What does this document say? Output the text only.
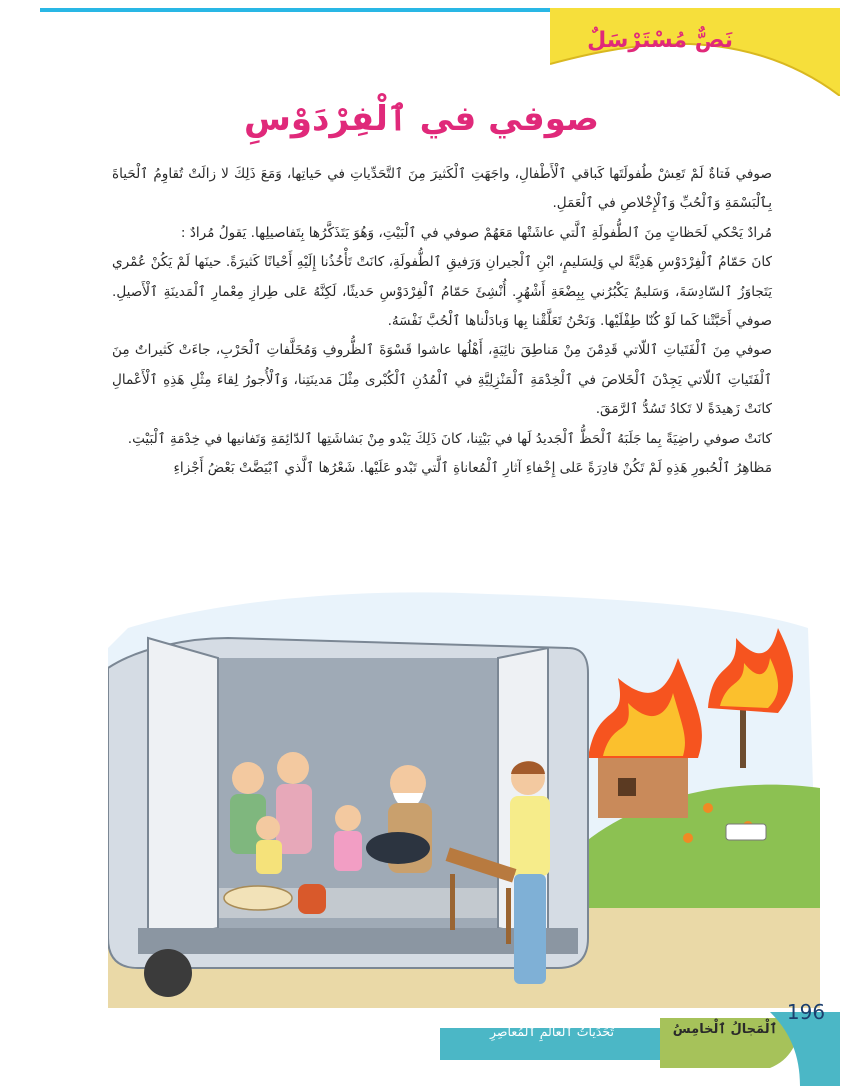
نَصٌّ مُسْتَرْسَلٌ
صوفي في ٱلْفِرْدَوْسِ

صوفي فَتاةٌ لَمْ تَعِشْ طُفولَتَها كَباقي ٱلْأَطْفالِ، واجَهَتِ ٱلْكَثيرَ مِنَ ٱلتَّحَدِّياتِ في حَياتِها، وَمَعَ ذَلِكَ لا زالَتْ تُقاوِمُ ٱلْحَياةَ بِٱلْبَسْمَةِ وَٱلْحُبِّ وَٱلْإِخْلاصِ في ٱلْعَمَلِ.

مُرادٌ يَحْكي لَحَظاتٍ مِنَ ٱلطُّفولَةِ ٱلَّتي عاشَتْها مَعَهُمْ صوفي في ٱلْبَيْتِ، وَهُوَ يَتَذَكَّرُها بِتَفاصيلِها. يَقولُ مُرادٌ :

كانَ حَمّامُ ٱلْفِرْدَوْسِ هَدِيَّةً لي وَلِسَليمٍ، ابْنِ ٱلْجيرانِ وَرَفيقِ ٱلطُّفولَةِ، كانَتْ تَأْخُذُنا إِلَيْهِ أَحْيانًا كَثيرَةً. حينَها لَمْ يَكُنْ عُمْري يَتَجاوَزُ ٱلسّادِسَةَ، وَسَليمٌ يَكْبُرُني بِبِضْعَةِ أَشْهُرٍ. أُنْشِئَ حَمّامُ ٱلْفِرْدَوْسِ حَديثًا، لَكِنَّهُ عَلى طِرازِ مِعْمارِ ٱلْمَدينَةِ ٱلْأَصيلِ. صوفي أَحَبَّتْنا كَما لَوْ كُنّا طِفْلَيْها. وَنَحْنُ تَعَلَّقْنا بِها وَبادَلْناها ٱلْحُبَّ نَفْسَهُ.

صوفي مِنَ ٱلْفَتَياتِ ٱللّاتي قَدِمْنَ مِنْ مَناطِقَ نائِيَةٍ، أَهْلُها عاشوا قَسْوَةَ ٱلظُّروفِ وَمُخَلَّفاتِ ٱلْحَرْبِ، جاءَتْ كَثيراتٌ مِنَ ٱلْفَتَياتِ ٱللّاتي يَجِدْنَ ٱلْخَلاصَ في ٱلْخِدْمَةِ ٱلْمَنْزِلِيَّةِ في ٱلْمُدُنِ ٱلْكُبْرى مِثْلَ مَدينَتِنا، وَٱلْأُجورُ لِقاءَ مِثْلِ هَذِهِ ٱلْأَعْمالِ كانَتْ زَهيدَةً لا تَكادُ تَسُدُّ ٱلرَّمَقَ.

كانَتْ صوفي راضِيَةً بِما جَلَبَهُ ٱلْحَظُّ ٱلْجَديدُ لَها في بَيْتِنا، كانَ ذَلِكَ يَبْدو مِنْ بَشاشَتِها ٱلدّائِمَةِ وَتَفانيها في خِدْمَةِ ٱلْبَيْتِ.

مَظاهِرُ ٱلْحُبورِ هَذِهِ لَمْ تَكُنْ قادِرَةً عَلى إِخْفاءِ آثارِ ٱلْمُعاناةِ ٱلَّتي تَبْدو عَلَيْها. شَعْرُها ٱلَّذي ٱبْيَضَّتْ بَعْضُ أَجْزاءِ

196
ٱلْمَجالُ ٱلْخامِسُ
تَحَدِّياتُ ٱلْعالَمِ ٱلْمُعاصِرِ
